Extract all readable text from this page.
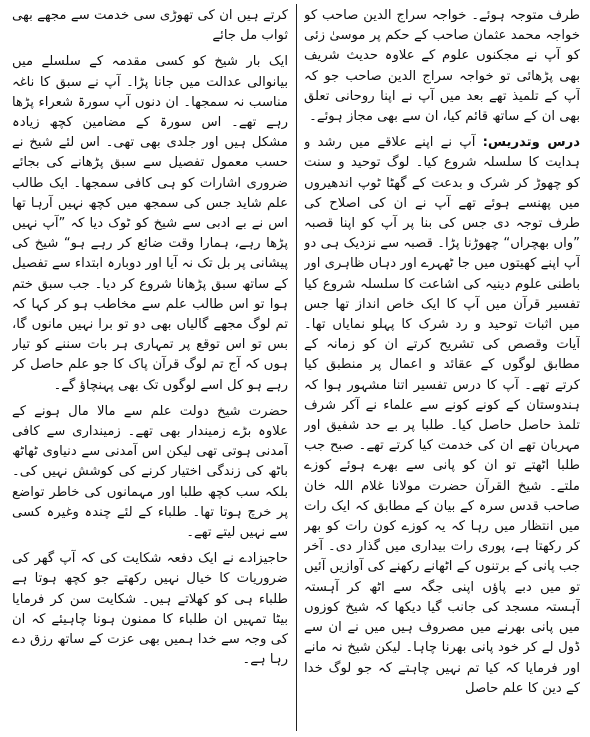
طرف متوجہ ہوئے۔ خواجہ سراج الدین صاحب کو خواجہ محمد عثمان صاحب کے حکم پر موسیٰ زئی کو آپ نے مجکنوں علوم کے علاوہ حدیث شریف بھی پڑھائی تو خواجہ سراج الدین صاحب جو کہ آپ کے تلمیذ تھے بعد میں آپ نے اپنا روحانی تعلق بھی ان کے ساتھ قائم کیا، ان سے بھی مجاز ہوئے۔

درس وتدریس: آپ نے اپنے علاقے میں رشد و ہدایت کا سلسلہ شروع کیا۔ لوگ توحید و سنت کو چھوڑ کر شرک و بدعت کے گھٹا ٹوپ اندھیروں میں پھنسے ہوئے تھے آپ نے ان کی اصلاح کی طرف توجہ دی جس کی بنا پر آپ کو اپنا قصبہ ”واں بھچراں“ چھوڑنا پڑا۔ قصبہ سے نزدیک ہی دو آپ اپنے کھیتوں میں جا ٹھہرے اور دہاں ظاہری اور باطنی علوم دینیہ کی اشاعت کا سلسلہ شروع کیا تفسیر قرآن میں آپ کا ایک خاص انداز تھا جس میں اثبات توحید و رد شرک کا پہلو نمایاں تھا۔ آیات وقصص کی تشریح کرتے ان کو زمانہ کے مطابق لوگوں کے عقائد و اعمال پر منطبق کیا کرتے تھے۔ آپ کا درس تفسیر اتنا مشہور ہوا کہ ہندوستان کے کونے کونے سے علماء نے آکر شرف تلمذ حاصل حاصل کیا۔ طلبا پر بے حد شفیق اور مہربان تھے ان کی خدمت کیا کرتے تھے۔ صبح جب طلبا اٹھتے تو ان کو پانی سے بھرے ہوئے کوزے ملتے۔ شیخ القرآن حضرت مولانا غلام اللہ خان صاحب قدس سرہ کے بیان کے مطابق کہ ایک رات میں انتظار میں رہا کہ یہ کوزے کون رات کو بھر کر رکھتا ہے، پوری رات بیداری میں گذار دی۔ آخر جب پانی کے برتنوں کے اٹھانے رکھنے کی آوازیں آئیں تو میں دبے پاؤں اپنی جگہ سے اٹھ کر آہستہ آہستہ مسجد کی جانب گیا دیکھا کہ شیخ کوزوں میں پانی بھرنے میں مصروف ہیں میں نے ان سے ڈول لے کر خود پانی بھرنا چاہا۔ لیکن شیخ نہ مانے اور فرمایا کہ کیا تم نہیں چاہتے کہ جو لوگ خدا کے دین کا علم حاصل

کرتے ہیں ان کی تھوڑی سی خدمت سے مجھے بھی ثواب مل جائے

ایک بار شیخ کو کسی مقدمہ کے سلسلے میں بیانوالی عدالت میں جانا پڑا۔ آپ نے سبق کا ناغہ مناسب نہ سمجھا۔ ان دنوں آپ سورۃ شعراء پڑھا رہے تھے۔ اس سورۃ کے مضامین کچھ زیادہ مشکل ہیں اور جلدی بھی تھی۔ اس لئے شیخ نے حسب معمول تفصیل سے سبق پڑھانے کی بجائے ضروری اشارات کو ہی کافی سمجھا۔ ایک طالب علم شاید جس کی سمجھ میں کچھ نہیں آرہا تھا اس نے بے ادبی سے شیخ کو ٹوک دیا کہ ”آپ نہیں پڑھا رہے، ہمارا وقت ضائع کر رہے ہو“ شیخ کی پیشانی پر بل تک نہ آیا اور دوبارہ ابتداء سے تفصیل کے ساتھ سبق پڑھانا شروع کر دیا۔ جب سبق ختم ہوا تو اس طالب علم سے مخاطب ہو کر کہا کہ تم لوگ مجھے گالیاں بھی دو تو برا نہیں مانوں گا، بس تو اس توقع پر تمہاری ہر بات سننے کو تیار ہوں کہ آج تم لوگ قرآن پاک کا جو علم حاصل کر رہے ہو کل اسے لوگوں تک بھی پہنچاؤ گے۔

حضرت شیخ دولت علم سے مالا مال ہونے کے علاوہ بڑے زمیندار بھی تھے۔ زمینداری سے کافی آمدنی ہوتی تھی لیکن اس آمدنی سے دنیاوی ٹھاٹھ باٹھ کی زندگی اختیار کرنے کی کوشش نہیں کی۔ بلکہ سب کچھ طلبا اور مہمانوں کی خاطر تواضع پر خرچ ہوتا تھا۔ طلباء کے لئے چندہ وغیرہ کسی سے نہیں لیتے تھے۔

حاجیزادے نے ایک دفعہ شکایت کی کہ آپ گھر کی ضروریات کا خیال نہیں رکھتے جو کچھ ہوتا ہے طلباء ہی کو کھلاتے ہیں۔ شکایت سن کر فرمایا بیٹا تمہیں ان طلباء کا ممنون ہونا چاہیئے کہ ان کی وجہ سے خدا ہمیں بھی عزت کے ساتھ رزق دے رہا ہے۔
